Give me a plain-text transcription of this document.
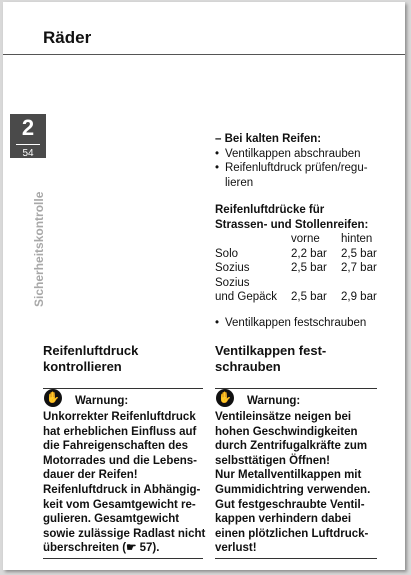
Räder
2
54
Sicherheitskontrolle
– Bei kalten Reifen:
• Ventilkappen abschrauben
• Reifenluftdruck prüfen/regu-
lieren
Reifenluftdrücke für
Strassen- und Stollenreifen:
	vorne	hinten
Solo	2,2 bar	2,5 bar
Sozius	2,5 bar	2,7 bar
Sozius		
und Gepäck	2,5 bar	2,9 bar
• Ventilkappen festschrauben
Reifenluftdruck
kontrollieren
✋ Warnung:
Unkorrekter Reifenluftdruck
hat erheblichen Einfluss auf
die Fahreigenschaften des
Motorrades und die Lebens-
dauer der Reifen!
Reifenluftdruck in Abhängig-
keit vom Gesamtgewicht re-
gulieren. Gesamtgewicht
sowie zulässige Radlast nicht
überschreiten (☛ 57).
Ventilkappen fest-
schrauben
✋ Warnung:
Ventileinsätze neigen bei
hohen Geschwindigkeiten
durch Zentrifugalkräfte zum
selbsttätigen Öffnen!
Nur Metallventilkappen mit
Gummidichtring verwenden.
Gut festgeschraubte Ventil-
kappen verhindern dabei
einen plötzlichen Luftdruck-
verlust!
